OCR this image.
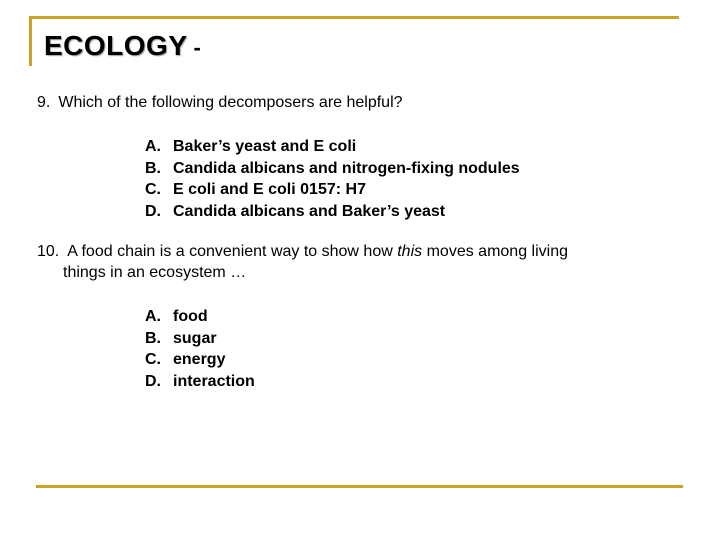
ECOLOGY -
9. Which of the following decomposers are helpful?
A. Baker’s yeast and E coli
B. Candida albicans and nitrogen-fixing nodules
C. E coli and E coli 0157: H7
D. Candida albicans and Baker’s yeast
10. A food chain is a convenient way to show how this moves among living
things in an ecosystem …
A. food
B. sugar
C. energy
D. interaction
